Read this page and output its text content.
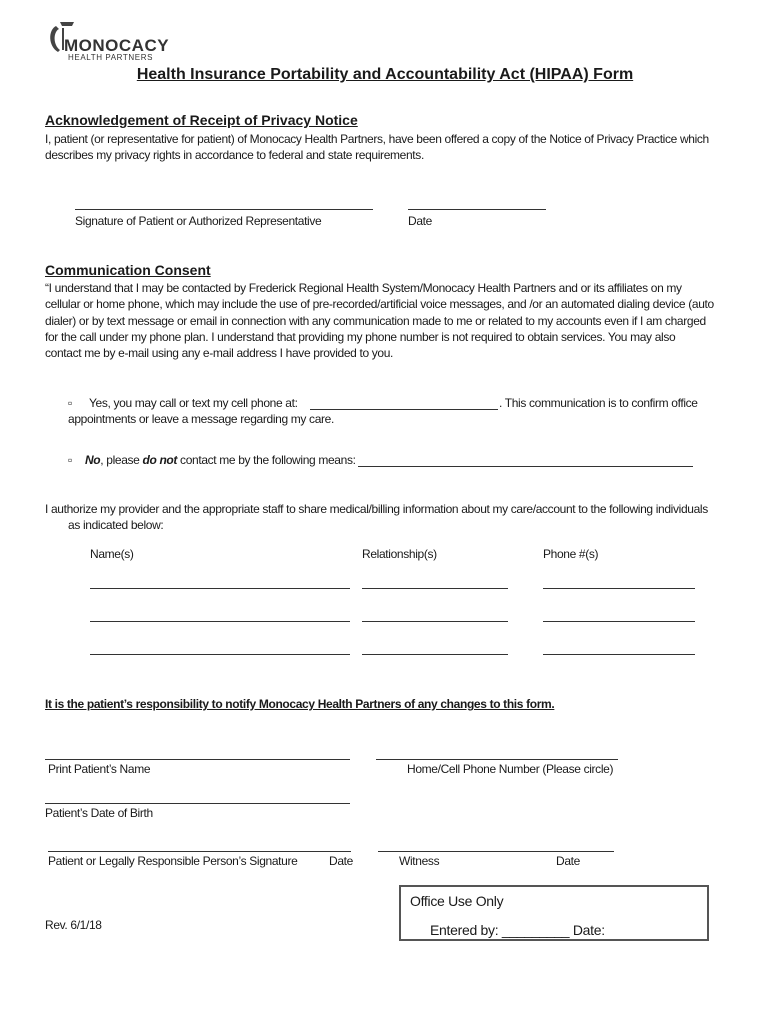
MONOCACY
HEALTH PARTNERS
Health Insurance Portability and Accountability Act (HIPAA) Form
Acknowledgement of Receipt of Privacy Notice
I, patient (or representative for patient) of Monocacy Health Partners, have been offered a copy of the Notice of Privacy Practice which
describes my privacy rights in accordance to federal and state requirements.
Signature of Patient or Authorized Representative	Date
Communication Consent
“I understand that I may be contacted by Frederick Regional Health System/Monocacy Health Partners and or its affiliates on my
cellular or home phone, which may include the use of pre-recorded/artificial voice messages, and /or an automated dialing device (auto
dialer) or by text message or email in connection with any communication made to me or related to my accounts even if I am charged
for the call under my phone plan. I understand that providing my phone number is not required to obtain services. You may also
contact me by e-mail using any e-mail address I have provided to you.
▫ Yes, you may call or text my cell phone at:	. This communication is to confirm office
appointments or leave a message regarding my care.
▫ No, please do not contact me by the following means:
I authorize my provider and the appropriate staff to share medical/billing information about my care/account to the following individuals
as indicated below:
Name(s)	Relationship(s)	Phone #(s)
It is the patient’s responsibility to notify Monocacy Health Partners of any changes to this form.
Print Patient’s Name	Home/Cell Phone Number (Please circle)
Patient’s Date of Birth
Patient or Legally Responsible Person’s Signature	Date	Witness	Date
Rev. 6/1/18
Office Use Only
Entered by: _________ Date:
